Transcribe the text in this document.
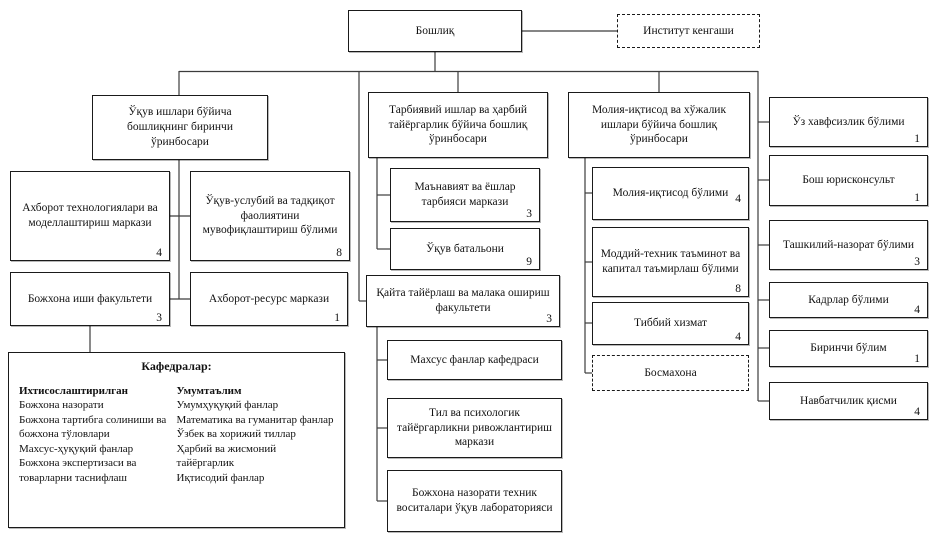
Бошлиқ	Институт кенгаши
Ўқув ишлари бўйича бошлиқнинг биринчи ўринбосари
Ахборот технологиялари ва моделлаштириш маркази
4
Ўқув-услубий ва тадқиқот фаолиятини мувофиқлаштириш бўлими
8
Божхона иши факультети
3
Ахборот-ресурс маркази
1
Кафедралар:
Ихтисослаштирилган
Божхона назорати
Божхона тартибга солиниши ва божхона тўловлари
Махсус-ҳуқуқий фанлар
Божхона экспертизаси ва товарларни таснифлаш
Умумтаълим
Умумҳуқуқий фанлар
Математика ва гуманитар фанлар
Ўзбек ва хорижий тиллар
Ҳарбий ва жисмоний тайёргарлик
Иқтисодий фанлар
Тарбиявий ишлар ва ҳарбий тайёргарлик бўйича бошлиқ ўринбосари
Маънавият ва ёшлар тарбияси маркази
3
Ўқув батальони
9
Қайта тайёрлаш ва малака ошириш факультети
3
Махсус фанлар кафедраси
Тил ва психологик тайёргарликни ривожлантириш маркази
Божхона назорати техник воситалари ўқув лабораторияси
Молия-иқтисод ва хўжалик ишлари бўйича бошлиқ ўринбосари
Молия-иқтисод бўлими 4
Моддий-техник таъминот ва капитал таъмирлаш бўлими
8
Тиббий хизмат
4
Босмахона
Ўз хавфсизлик бўлими
1
Бош юрисконсульт
1
Ташкилий-назорат бўлими
3
Кадрлар бўлими
4
Биринчи бўлим
1
Навбатчилик қисми
4
